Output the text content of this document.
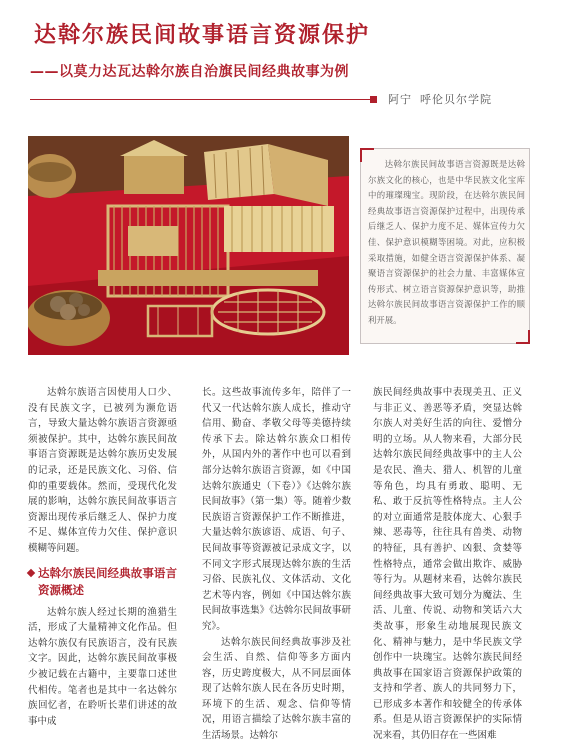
达斡尔族民间故事语言资源保护
——以莫力达瓦达斡尔族自治旗民间经典故事为例
阿宁 呼伦贝尔学院
达斡尔族民间故事语言资源既是达斡尔族文化的核心，也是中华民族文化宝库中的璀璨瑰宝。现阶段，在达斡尔族民间经典故事语言资源保护过程中，出现传承后继乏人、保护力度不足、媒体宣传力欠佳、保护意识模糊等困境。对此，应积极采取措施，如健全语言资源保护体系、凝聚语言资源保护的社会力量、丰富媒体宣传形式、树立语言资源保护意识等，助推达斡尔族民间故事语言资源保护工作的顺利开展。

达斡尔族语言因使用人口少、没有民族文字，已被列为濒危语言，导致大量达斡尔族语言资源亟须被保护。其中，达斡尔族民间故事语言资源既是达斡尔族历史发展的记录，还是民族文化、习俗、信仰的重要载体。然而，受现代化发展的影响，达斡尔族民间故事语言资源出现传承后继乏人、保护力度不足、媒体宣传力欠佳、保护意识模糊等问题。

达斡尔族民间经典故事语言资源概述

达斡尔族人经过长期的渔猎生活，形成了大量精神文化作品。但达斡尔族仅有民族语言，没有民族文字。因此，达斡尔族民间故事极少被记载在古籍中，主要靠口述世代相传。笔者也是其中一名达斡尔族回忆者，在聆听长辈们讲述的故事中成

长。这些故事流传多年，陪伴了一代又一代达斡尔族人成长，推动守信用、勤奋、孝敬父母等美德持续传承下去。除达斡尔族众口相传外，从国内外的著作中也可以看到部分达斡尔族语言资源，如《中国达斡尔族通史（下卷）》《达斡尔族民间故事》（第一集）等。随着少数民族语言资源保护工作不断推进，大量达斡尔族谚语、成语、句子、民间故事等资源被记录成文字，以不同文字形式展现达斡尔族的生活习俗、民族礼仪、文体活动、文化艺术等内容，例如《中国达斡尔族民间故事选集》《达斡尔民间故事研究》。

达斡尔族民间经典故事涉及社会生活、自然、信仰等多方面内容，历史跨度极大，从不同层面体现了达斡尔族人民在各历史时期，环境下的生活、观念、信仰等情况，用语言描绘了达斡尔族丰富的生活场景。达斡尔

族民间经典故事中表现美丑、正义与非正义、善恶等矛盾，突显达斡尔族人对美好生活的向往、爱憎分明的立场。从人物来看，大部分民达斡尔族民间经典故事中的主人公是农民、渔夫、猎人、机智的儿童等角色，均具有勇敢、聪明、无私、敢于反抗等性格特点。主人公的对立面通常是肢体庞大、心狠手辣、恶毒等，往往具有兽类、动物的特征，具有善护、凶狠、贪婪等性格特点，通常会做出欺诈、威胁等行为。从题材来看，达斡尔族民间经典故事大致可划分为魔法、生活、儿童、传说、动物和笑话六大类故事，形象生动地展现民族文化、精神与魅力，是中华民族文学创作中一块瑰宝。达斡尔族民间经典故事在国家语言资源保护政策的支持和学者、族人的共同努力下，已形成多本著作和较健全的传承体系。但是从语言资源保护的实际情况来看，其仍旧存在一些困难
